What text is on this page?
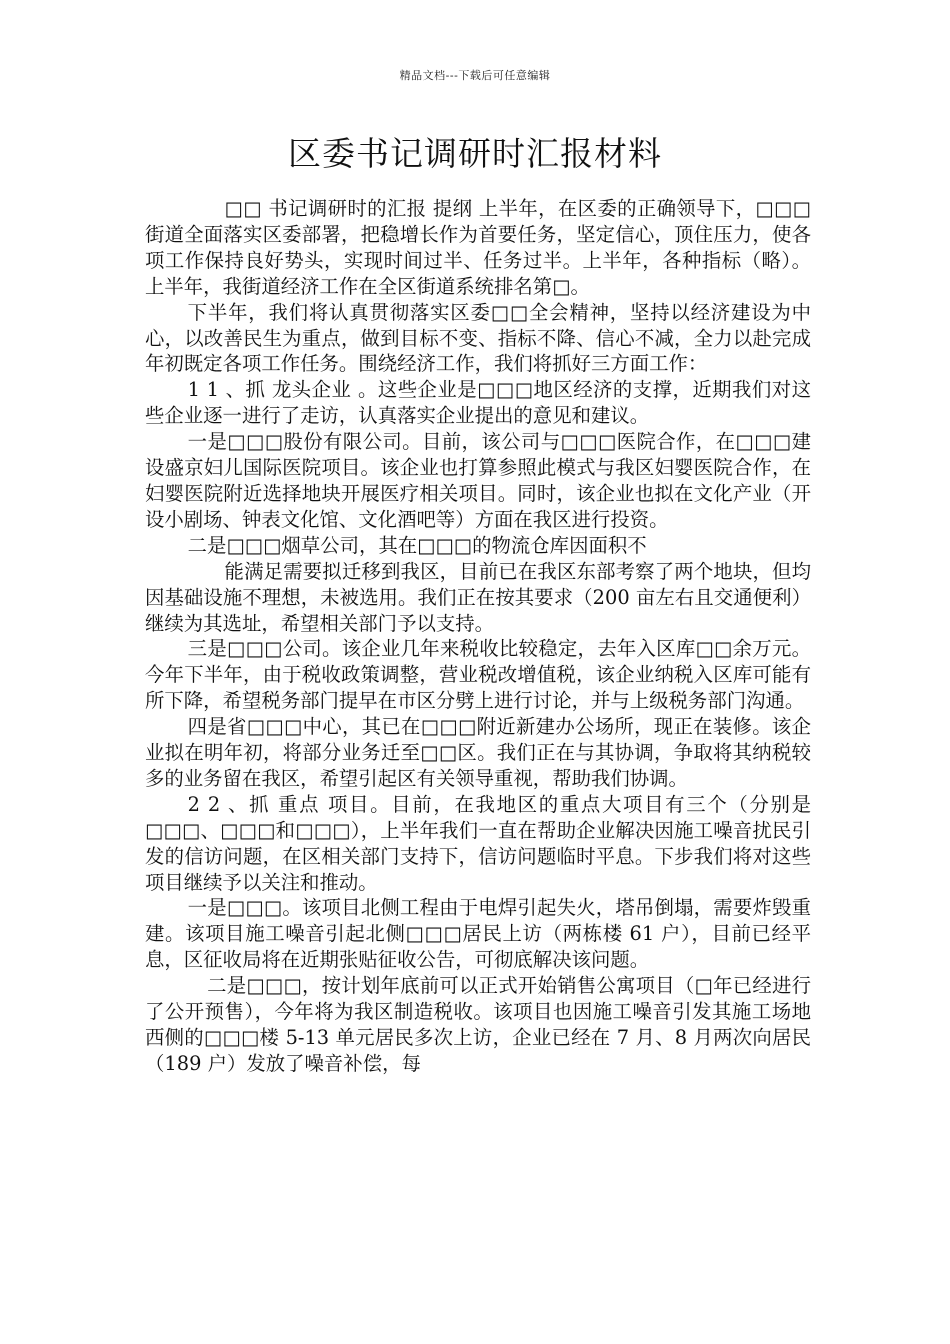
精品文档---下载后可任意编辑
区委书记调研时汇报材料

□□ 书记调研时的汇报 提纲 上半年，在区委的正确领导下，□□□街道全面落实区委部署，把稳增长作为首要任务，坚定信心，顶住压力，使各项工作保持良好势头，实现时间过半、任务过半。上半年，各种指标（略）。上半年，我街道经济工作在全区街道系统排名第□。

下半年，我们将认真贯彻落实区委□□全会精神，坚持以经济建设为中心，以改善民生为重点，做到目标不变、指标不降、信心不减，全力以赴完成年初既定各项工作任务。围绕经济工作，我们将抓好三方面工作：

1 1 、抓 龙头企业 。这些企业是□□□地区经济的支撑，近期我们对这些企业逐一进行了走访，认真落实企业提出的意见和建议。

一是□□□股份有限公司。目前，该公司与□□□医院合作，在□□□建设盛京妇儿国际医院项目。该企业也打算参照此模式与我区妇婴医院合作，在妇婴医院附近选择地块开展医疗相关项目。同时，该企业也拟在文化产业（开设小剧场、钟表文化馆、文化酒吧等）方面在我区进行投资。

二是□□□烟草公司，其在□□□的物流仓库因面积不

能满足需要拟迁移到我区，目前已在我区东部考察了两个地块，但均因基础设施不理想，未被选用。我们正在按其要求（200 亩左右且交通便利）继续为其选址，希望相关部门予以支持。

三是□□□公司。该企业几年来税收比较稳定，去年入区库□□余万元。今年下半年，由于税收政策调整，营业税改增值税，该企业纳税入区库可能有所下降，希望税务部门提早在市区分劈上进行讨论，并与上级税务部门沟通。

四是省□□□中心，其已在□□□附近新建办公场所，现正在装修。该企业拟在明年初，将部分业务迁至□□区。我们正在与其协调，争取将其纳税较多的业务留在我区，希望引起区有关领导重视，帮助我们协调。

2 2 、抓 重点 项目。目前，在我地区的重点大项目有三个（分别是□□□、□□□和□□□），上半年我们一直在帮助企业解决因施工噪音扰民引发的信访问题，在区相关部门支持下，信访问题临时平息。下步我们将对这些项目继续予以关注和推动。

一是□□□。该项目北侧工程由于电焊引起失火，塔吊倒塌，需要炸毁重建。该项目施工噪音引起北侧□□□居民上访（两栋楼 61 户），目前已经平息，区征收局将在近期张贴征收公告，可彻底解决该问题。

二是□□□，按计划年底前可以正式开始销售公寓项目（□年已经进行了公开预售），今年将为我区制造税收。该项目也因施工噪音引发其施工场地西侧的□□□楼 5-13 单元居民多次上访，企业已经在 7 月、8 月两次向居民（189 户）发放了噪音补偿，每
